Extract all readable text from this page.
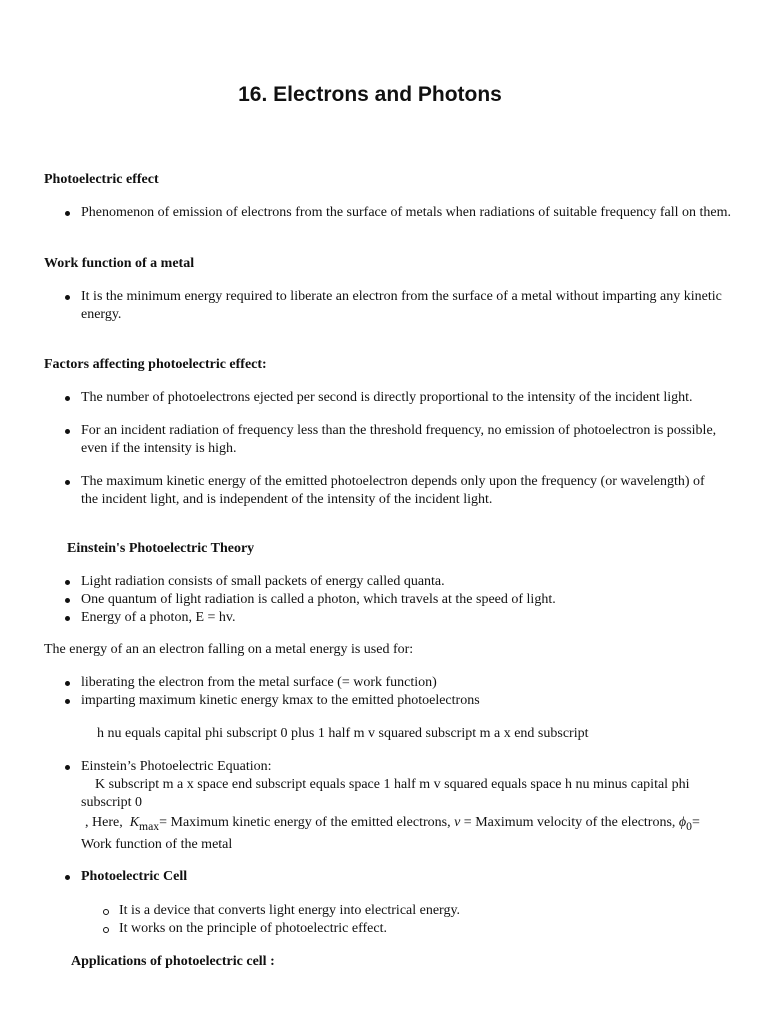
16. Electrons and Photons

Photoelectric effect

Phenomenon of emission of electrons from the surface of metals when radiations of suitable frequency fall on them.

Work function of a metal

It is the minimum energy required to liberate an electron from the surface of a metal without imparting any kinetic energy.

Factors affecting photoelectric effect:

The number of photoelectrons ejected per second is directly proportional to the intensity of the incident light.
For an incident radiation of frequency less than the threshold frequency, no emission of photoelectron is possible, even if the intensity is high.
The maximum kinetic energy of the emitted photoelectron depends only upon the frequency (or wavelength) of the incident light, and is independent of the intensity of the incident light.

Einstein's Photoelectric Theory

Light radiation consists of small packets of energy called quanta.
One quantum of light radiation is called a photon, which travels at the speed of light.
Energy of a photon, E = hv.

The energy of an an electron falling on a metal energy is used for:

liberating the electron from the metal surface (= work function)
imparting maximum kinetic energy kmax to the emitted photoelectrons

h nu equals capital phi subscript 0 plus 1 half m v squared subscript m a x end subscript

Einstein’s Photoelectric Equation:
K subscript m a x space end subscript equals space 1 half m v squared equals space h nu minus capital phi subscript 0
, Here, $K_{max}=$ Maximum kinetic energy of the emitted electrons, v = Maximum velocity of the electrons, $\phi_0=$ Work function of the metal
Photoelectric Cell
It is a device that converts light energy into electrical energy.
It works on the principle of photoelectric effect.

Applications of photoelectric cell :
